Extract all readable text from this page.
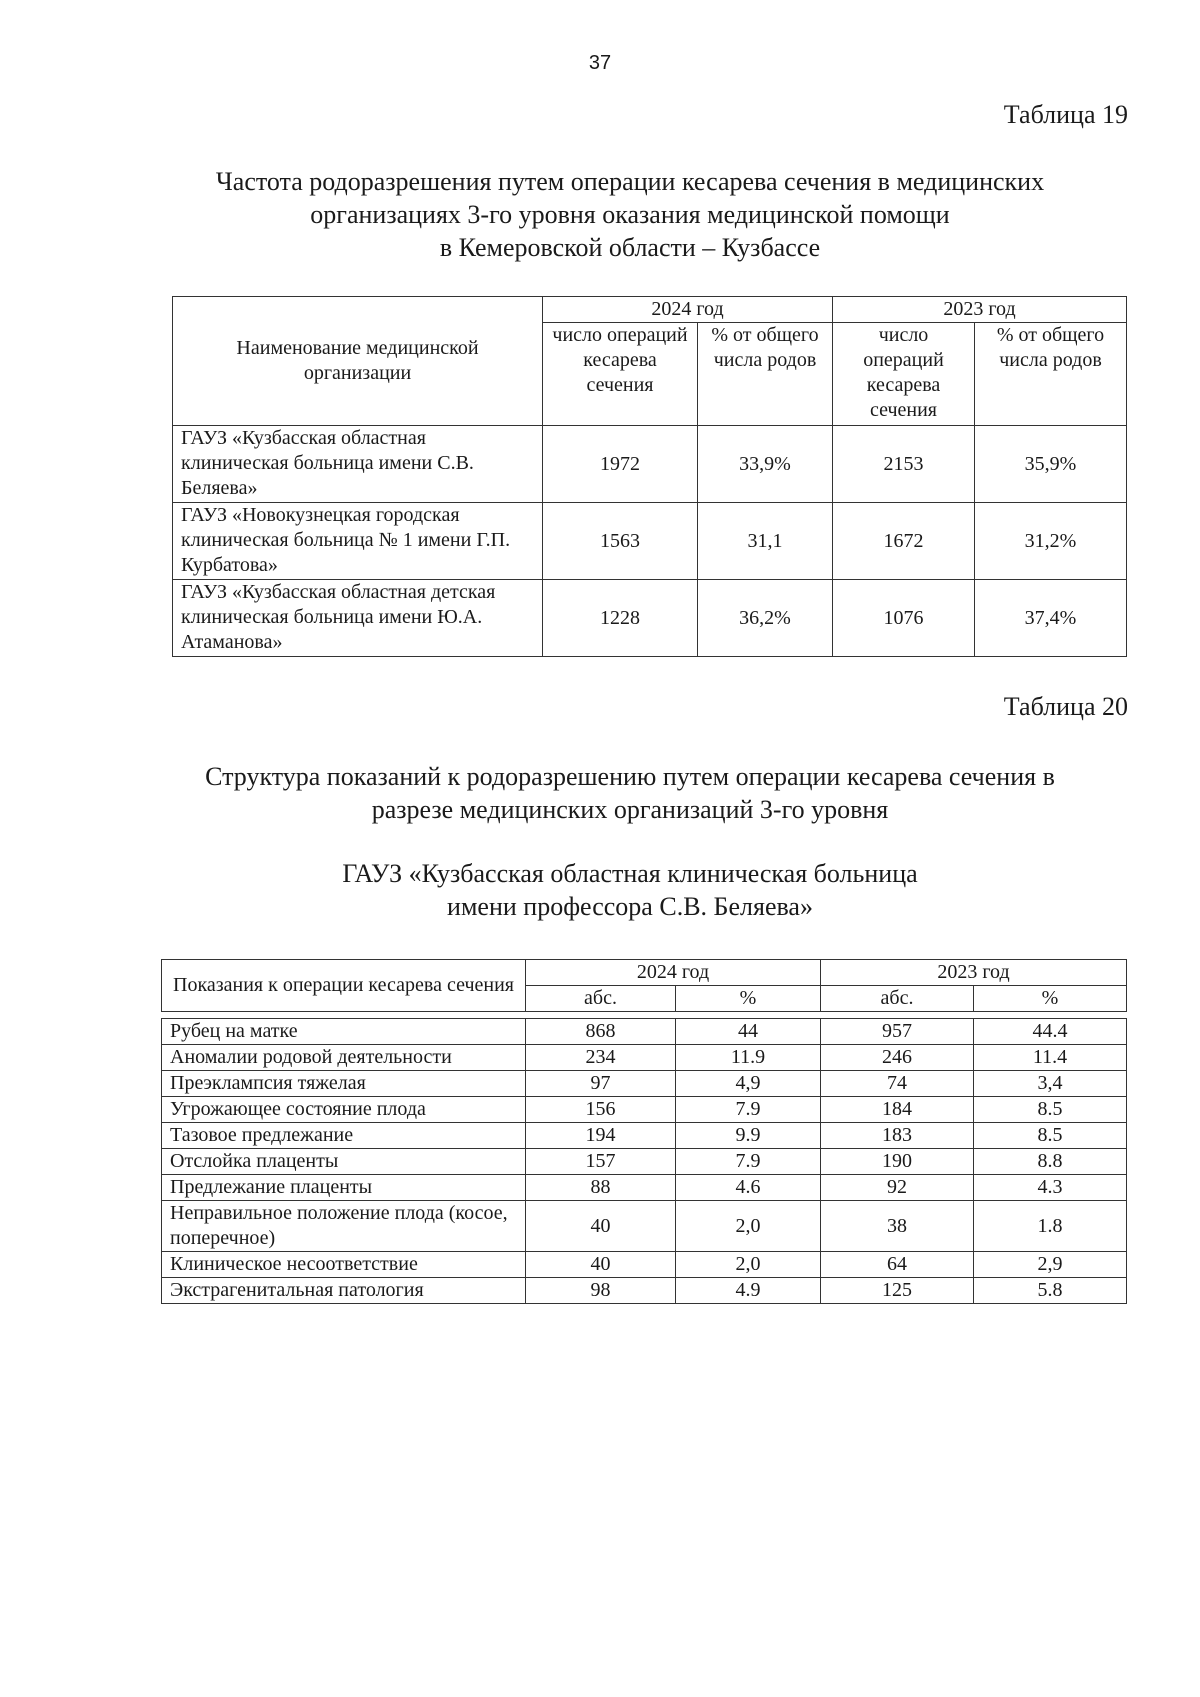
37
Таблица 19
Частота родоразрешения путем операции кесарева сечения в медицинских
организациях 3-го уровня оказания медицинской помощи
в Кемеровской области – Кузбассе
Наименование медицинской организации	2024 год		2023 год	
	число операций кесарева сечения	% от общего числа родов	число операций кесарева сечения	% от общего числа родов
ГАУЗ «Кузбасская областная клиническая больница имени С.В. Беляева»	1972	33,9%	2153	35,9%
ГАУЗ «Новокузнецкая городская клиническая больница № 1 имени Г.П. Курбатова»	1563	31,1	1672	31,2%
ГАУЗ «Кузбасская областная детская клиническая больница имени Ю.А. Атаманова»	1228	36,2%	1076	37,4%
Таблица 20
Структура показаний к родоразрешению путем операции кесарева сечения в
разрезе медицинских организаций 3-го уровня
ГАУЗ «Кузбасская областная клиническая больница
имени профессора С.В. Беляева»
Показания к операции кесарева сечения	2024 год		2023 год	
	абс.	%	абс.	%

Рубец на матке	868	44	957	44.4
Аномалии родовой деятельности	234	11.9	246	11.4
Преэклампсия тяжелая	97	4,9	74	3,4
Угрожающее состояние плода	156	7.9	184	8.5
Тазовое предлежание	194	9.9	183	8.5
Отслойка плаценты	157	7.9	190	8.8
Предлежание плаценты	88	4.6	92	4.3
Неправильное положение плода (косое, поперечное)	40	2,0	38	1.8
Клиническое несоответствие	40	2,0	64	2,9
Экстрагенитальная патология	98	4.9	125	5.8
